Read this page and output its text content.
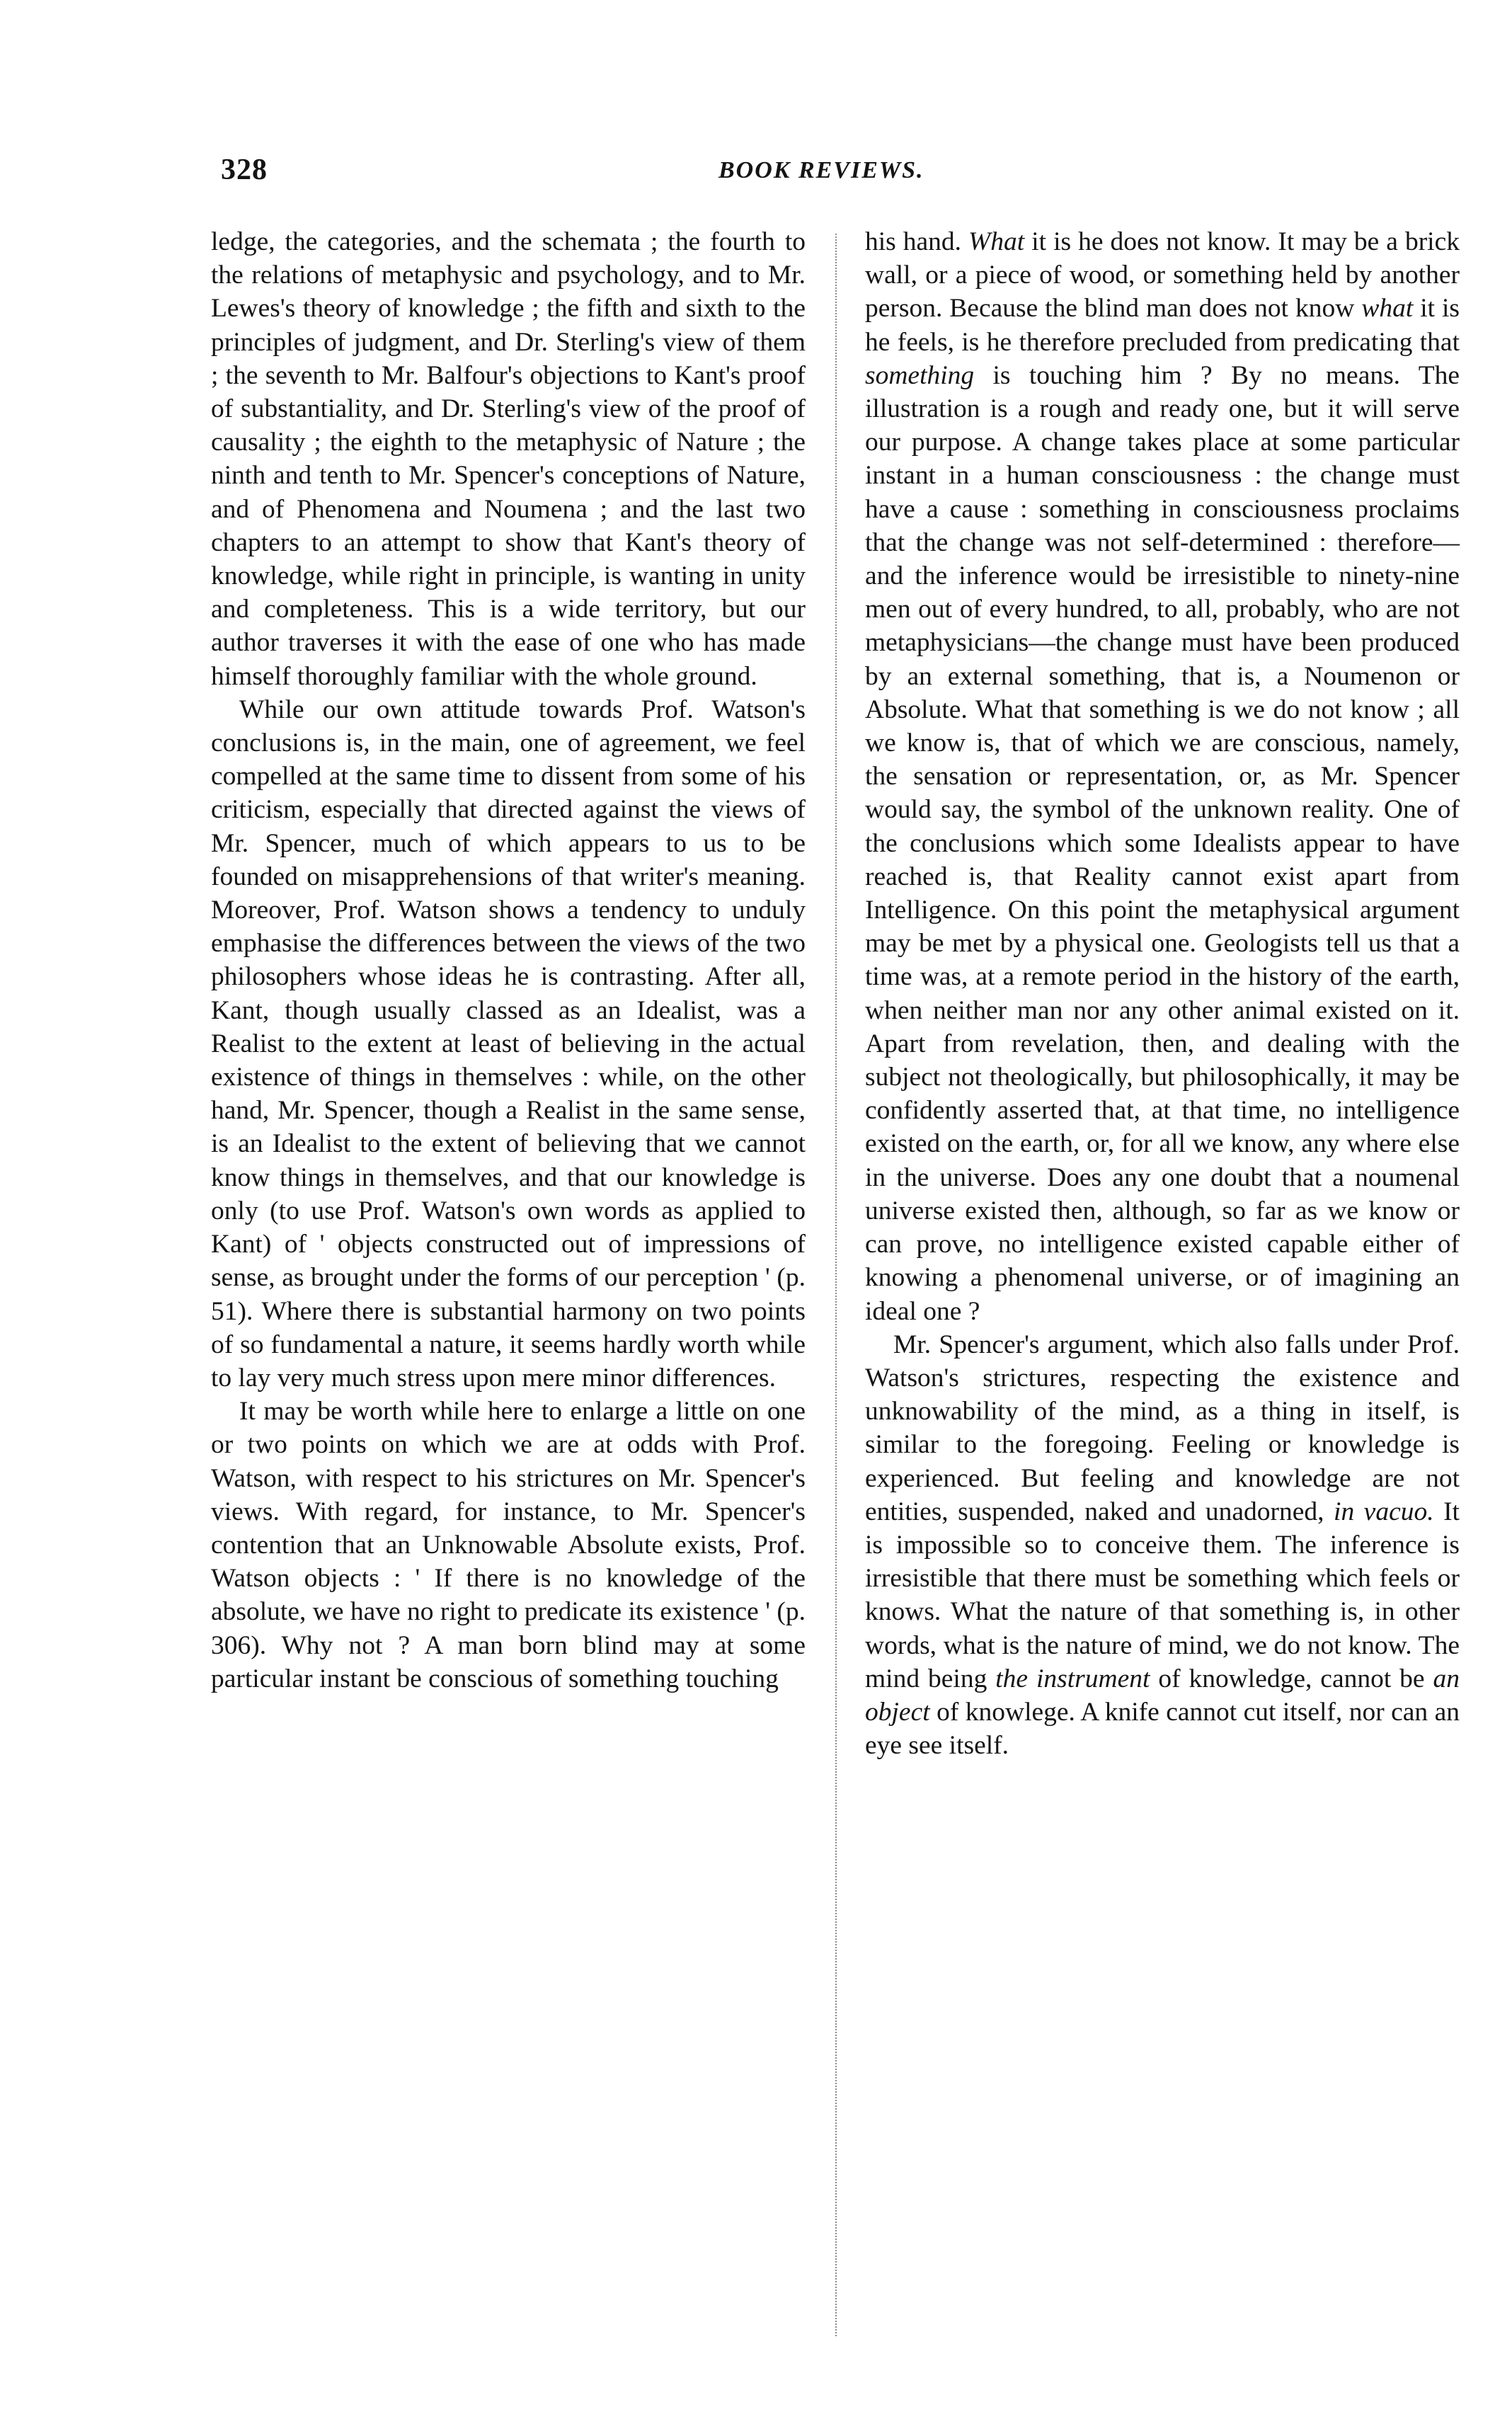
328	BOOK REVIEWS.

ledge, the categories, and the schemata ; the fourth to the relations of metaphysic and psychology, and to Mr. Lewes's theory of knowledge ; the fifth and sixth to the principles of judgment, and Dr. Sterling's view of them ; the seventh to Mr. Balfour's objections to Kant's proof of substantiality, and Dr. Sterling's view of the proof of causality ; the eighth to the metaphysic of Nature ; the ninth and tenth to Mr. Spencer's conceptions of Nature, and of Phenomena and Noumena ; and the last two chapters to an attempt to show that Kant's theory of knowledge, while right in principle, is wanting in unity and completeness. This is a wide territory, but our author traverses it with the ease of one who has made himself thoroughly familiar with the whole ground.

While our own attitude towards Prof. Watson's conclusions is, in the main, one of agreement, we feel compelled at the same time to dissent from some of his criticism, especially that directed against the views of Mr. Spencer, much of which appears to us to be founded on misapprehensions of that writer's meaning. Moreover, Prof. Watson shows a tendency to unduly emphasise the differences between the views of the two philosophers whose ideas he is contrasting. After all, Kant, though usually classed as an Idealist, was a Realist to the extent at least of believing in the actual existence of things in themselves : while, on the other hand, Mr. Spencer, though a Realist in the same sense, is an Idealist to the extent of believing that we cannot know things in themselves, and that our knowledge is only (to use Prof. Watson's own words as applied to Kant) of ' objects constructed out of impressions of sense, as brought under the forms of our perception ' (p. 51). Where there is substantial harmony on two points of so fundamental a nature, it seems hardly worth while to lay very much stress upon mere minor differences.

It may be worth while here to enlarge a little on one or two points on which we are at odds with Prof. Watson, with respect to his strictures on Mr. Spencer's views. With regard, for instance, to Mr. Spencer's contention that an Unknowable Absolute exists, Prof. Watson objects : ' If there is no knowledge of the absolute, we have no right to predicate its existence ' (p. 306). Why not ? A man born blind may at some particular instant be conscious of something touching

his hand. What it is he does not know. It may be a brick wall, or a piece of wood, or something held by another person. Because the blind man does not know what it is he feels, is he therefore precluded from predicating that something is touching him ? By no means. The illustration is a rough and ready one, but it will serve our purpose. A change takes place at some particular instant in a human consciousness : the change must have a cause : something in consciousness proclaims that the change was not self-determined : therefore—and the inference would be irresistible to ninety-nine men out of every hundred, to all, probably, who are not metaphysicians—the change must have been produced by an external something, that is, a Noumenon or Absolute. What that something is we do not know ; all we know is, that of which we are conscious, namely, the sensation or representation, or, as Mr. Spencer would say, the symbol of the unknown reality. One of the conclusions which some Idealists appear to have reached is, that Reality cannot exist apart from Intelligence. On this point the metaphysical argument may be met by a physical one. Geologists tell us that a time was, at a remote period in the history of the earth, when neither man nor any other animal existed on it. Apart from revelation, then, and dealing with the subject not theologically, but philosophically, it may be confidently asserted that, at that time, no intelligence existed on the earth, or, for all we know, any where else in the universe. Does any one doubt that a noumenal universe existed then, although, so far as we know or can prove, no intelligence existed capable either of knowing a phenomenal universe, or of imagining an ideal one ?

Mr. Spencer's argument, which also falls under Prof. Watson's strictures, respecting the existence and unknowability of the mind, as a thing in itself, is similar to the foregoing. Feeling or knowledge is experienced. But feeling and knowledge are not entities, suspended, naked and unadorned, in vacuo. It is impossible so to conceive them. The inference is irresistible that there must be something which feels or knows. What the nature of that something is, in other words, what is the nature of mind, we do not know. The mind being the instrument of knowledge, cannot be an object of knowlege. A knife cannot cut itself, nor can an eye see itself.
